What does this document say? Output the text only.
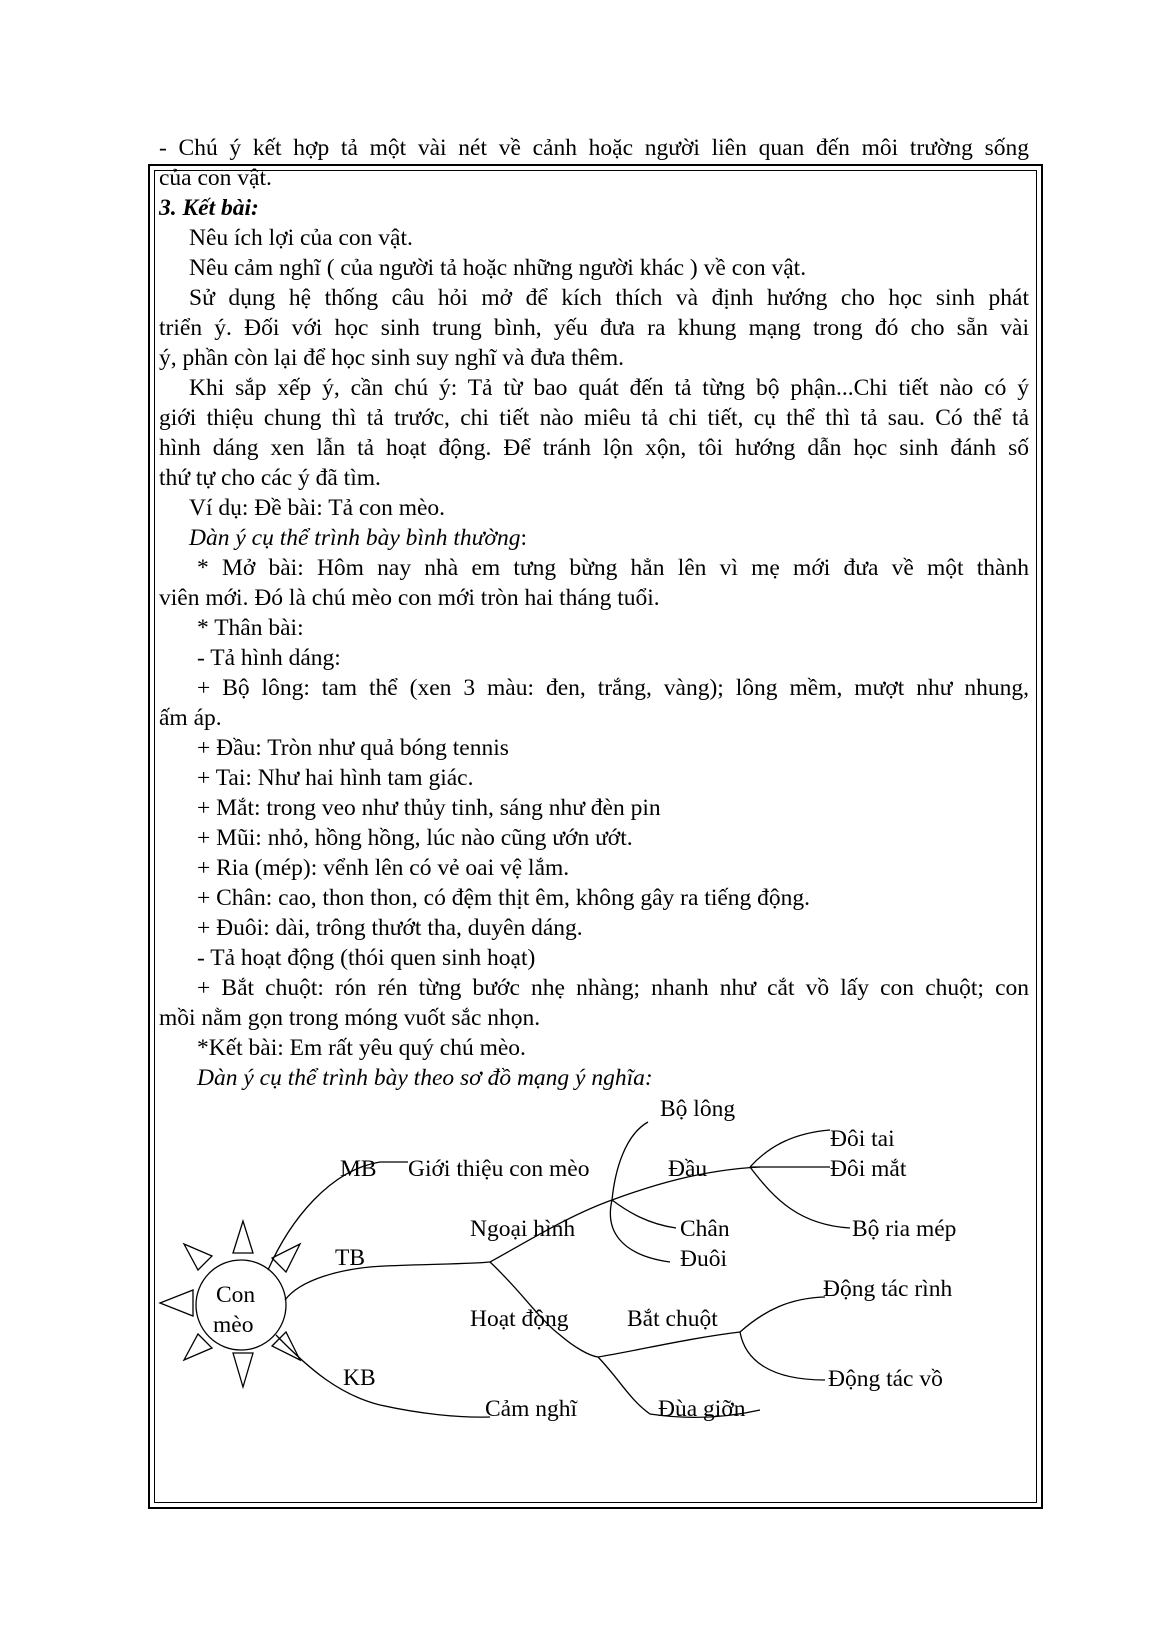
- Chú ý kết hợp tả một vài nét về cảnh hoặc người liên quan đến môi trường sống
của con vật.
3. Kết bài:
Nêu ích lợi của con vật.
Nêu cảm nghĩ ( của người tả hoặc những người khác ) về con vật.
Sử dụng hệ thống câu hỏi mở để kích thích và định hướng cho học sinh phát
triển ý. Đối với học sinh trung bình, yếu đưa ra khung mạng trong đó cho sẵn vài
ý, phần còn lại để học sinh suy nghĩ và đưa thêm.
Khi sắp xếp ý, cần chú ý: Tả từ bao quát đến tả từng bộ phận...Chi tiết nào có ý
giới thiệu chung thì tả trước, chi tiết nào miêu tả chi tiết, cụ thể thì tả sau. Có thể tả
hình dáng xen lẫn tả hoạt động. Để tránh lộn xộn, tôi hướng dẫn học sinh đánh số
thứ tự cho các ý đã tìm.
Ví dụ: Đề bài: Tả con mèo.
Dàn ý cụ thể trình bày bình thường:
* Mở bài: Hôm nay nhà em tưng bừng hẳn lên vì mẹ mới đưa về một thành
viên mới. Đó là chú mèo con mới tròn hai tháng tuổi.
* Thân bài:
- Tả hình dáng:
+ Bộ lông: tam thể (xen 3 màu: đen, trắng, vàng); lông mềm, mượt như nhung,
ấm áp.
+ Đầu: Tròn như quả bóng tennis
+ Tai: Như hai hình tam giác.
+ Mắt: trong veo như thủy tinh, sáng như đèn pin
+ Mũi: nhỏ, hồng hồng, lúc nào cũng ướn ướt.
+ Ria (mép): vểnh lên có vẻ oai vệ lắm.
+ Chân: cao, thon thon, có đệm thịt êm, không gây ra tiếng động.
+ Đuôi: dài, trông thướt tha, duyên dáng.
- Tả hoạt động (thói quen sinh hoạt)
+ Bắt chuột: rón rén từng bước nhẹ nhàng; nhanh như cắt vồ lấy con chuột; con
mồi nằm gọn trong móng vuốt sắc nhọn.
*Kết bài: Em rất yêu quý chú mèo.
Dàn ý cụ thể trình bày theo sơ đồ mạng ý nghĩa:
Con
mèo
MB Giới thiệu con mèo
TB
KB
Ngoại hình
Bộ lông
Đầu
Đôi tai
Đôi mắt
Bộ ria mép
Chân
Đuôi
Hoạt động Bắt chuột
Động tác rình
Động tác vồ
Đùa giỡn
Cảm nghĩ
